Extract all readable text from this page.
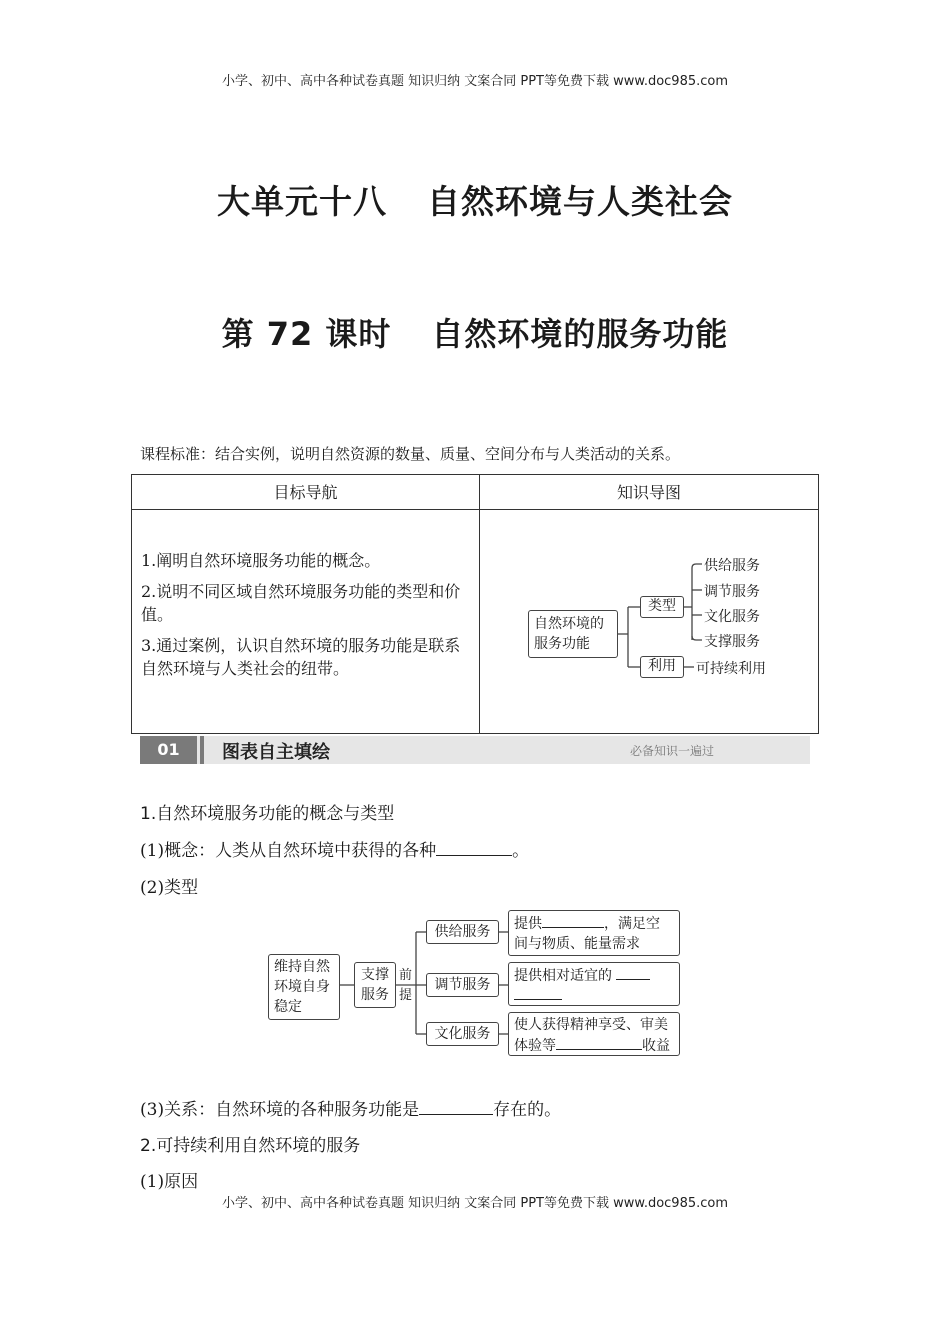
小学、初中、高中各种试卷真题 知识归纳 文案合同 PPT等免费下载 www.doc985.com
大单元十八 自然环境与人类社会
第 72 课时 自然环境的服务功能
课程标准：结合实例，说明自然资源的数量、质量、空间分布与人类活动的关系。
目标导航	知识导图

1.阐明自然环境服务功能的概念。

2.说明不同区域自然环境服务功能的类型和价值。

3.通过案例，认识自然环境的服务功能是联系自然环境与人类社会的纽带。

自然环境的
服务功能
类型
利用
供给服务
调节服务
文化服务
支撑服务
可持续利用
01	图表自主填绘	必备知识一遍过
1.自然环境服务功能的概念与类型
(1)概念：人类从自然环境中获得的各种	。
(2)类型
维持自然
环境自身
稳定
支撑
服务
前
提
供给服务
调节服务
文化服务
提供	，满足空
间与物质、能量需求
提供相对适宜的
使人获得精神享受、审美
体验等	收益
(3)关系：自然环境的各种服务功能是	存在的。
2.可持续利用自然环境的服务
(1)原因
小学、初中、高中各种试卷真题 知识归纳 文案合同 PPT等免费下载 www.doc985.com
